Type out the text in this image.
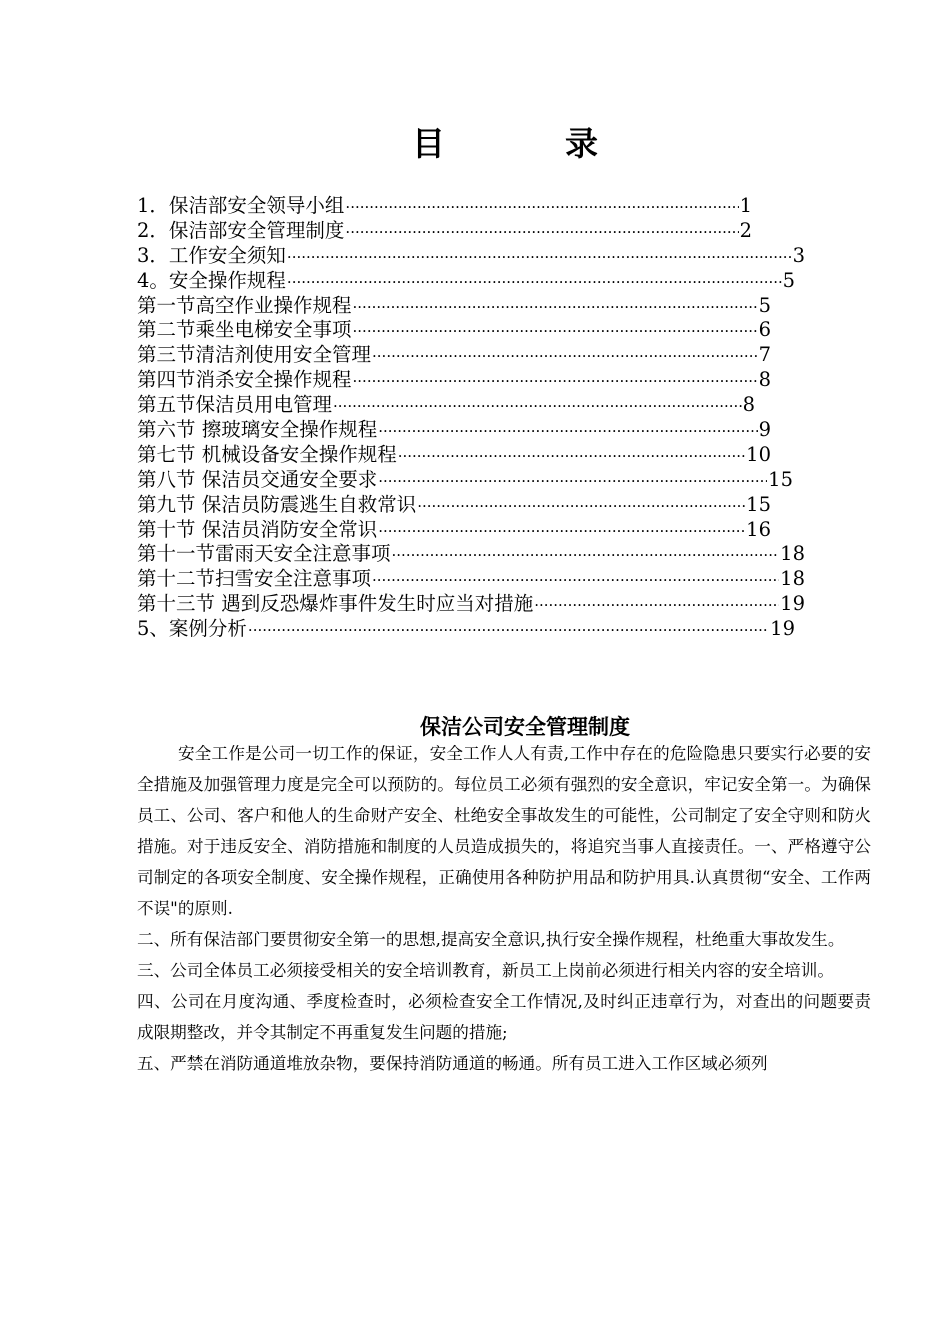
目	录
1．保洁部安全领导小组 ·····	1
2．保洁部安全管理制度 ·····	2
3．工作安全须知 ·····	3
4。安全操作规程 ·····	5
第一节高空作业操作规程 ·····	5
第二节乘坐电梯安全事项 ·····	6
第三节清洁剂使用安全管理 ·····	7
第四节消杀安全操作规程 ·····	8
第五节保洁员用电管理 ·····	8
第六节 擦玻璃安全操作规程 ·····	9
第七节 机械设备安全操作规程 ·····	10
第八节 保洁员交通安全要求 ·····	15
第九节 保洁员防震逃生自救常识 ·····	15
第十节 保洁员消防安全常识 ·····	16
第十一节雷雨天安全注意事项 ·····	18
第十二节扫雪安全注意事项 ·····	18
第十三节 遇到反恐爆炸事件发生时应当对措施 ·····	19
5、案例分析 ·····	19
保洁公司安全管理制度

安全工作是公司一切工作的保证，安全工作人人有责,工作中存在的危险隐患只要实行必要的安全措施及加强管理力度是完全可以预防的。每位员工必须有强烈的安全意识，牢记安全第一。为确保员工、公司、客户和他人的生命财产安全、杜绝安全事故发生的可能性，公司制定了安全守则和防火措施。对于违反安全、消防措施和制度的人员造成损失的，将追究当事人直接责任。一、严格遵守公司制定的各项安全制度、安全操作规程，正确使用各种防护用品和防护用具.认真贯彻“安全、工作两不误"的原则.

二、所有保洁部门要贯彻安全第一的思想,提高安全意识,执行安全操作规程，杜绝重大事故发生。

三、公司全体员工必须接受相关的安全培训教育，新员工上岗前必须进行相关内容的安全培训。

四、公司在月度沟通、季度检查时，必须检查安全工作情况,及时纠正违章行为，对查出的问题要责成限期整改，并令其制定不再重复发生问题的措施;

五、严禁在消防通道堆放杂物，要保持消防通道的畅通。所有员工进入工作区域必须列
